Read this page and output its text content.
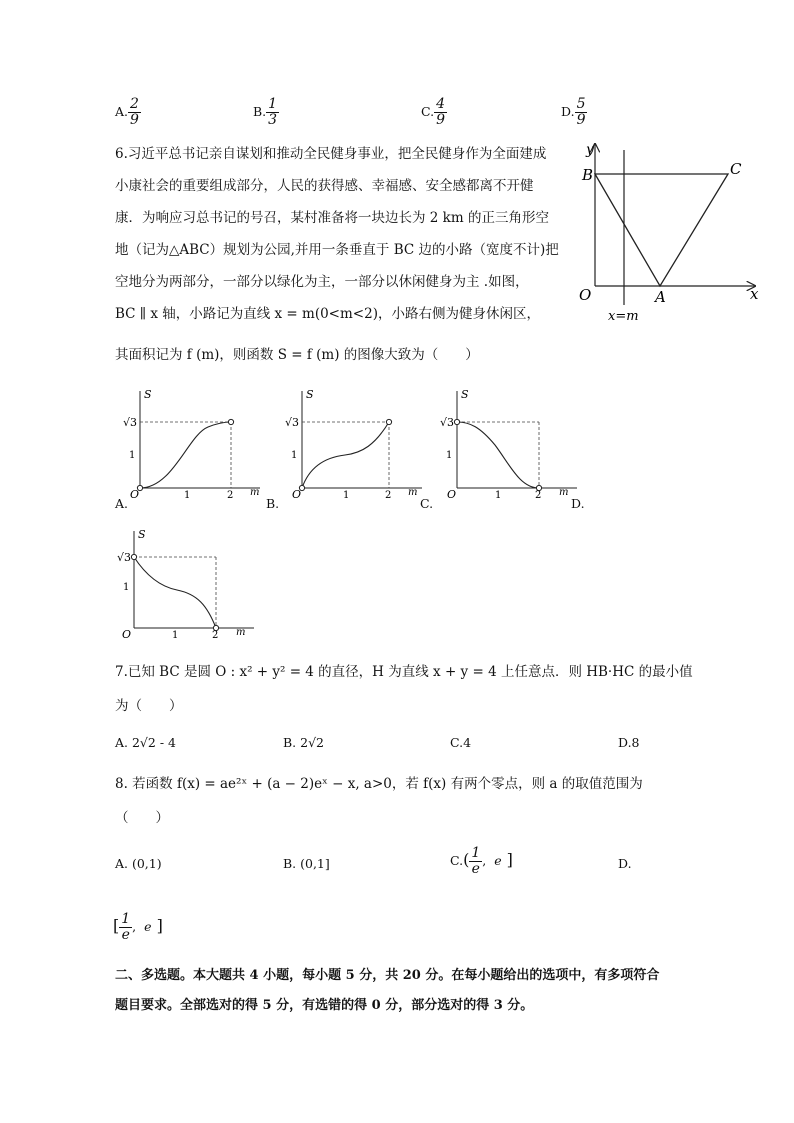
A. $\frac{2}{9}$	B. $\frac{1}{3}$	C. $\frac{4}{9}$	D. $\frac{5}{9}$
6.习近平总书记亲自谋划和推动全民健身事业，把全民健身作为全面建成
小康社会的重要组成部分，人民的获得感、幸福感、安全感都离不开健
康．为响应习总书记的号召，某村准备将一块边长为 2 km 的正三角形空
地（记为△ABC）规划为公园,并用一条垂直于 BC 边的小路（宽度不计)把
空地分为两部分，一部分以绿化为主，一部分以休闲健身为主 .如图，
BC ∥ x 轴，小路记为直线 x = m(0<m<2)，小路右侧为健身休闲区，
其面积记为 f (m)，则函数 S = f (m) 的图像大致为（　　）
y
x
B	C
O	A
x=m
S
√3
1
O	1	2 m
A.
S
√3
1
O	1	2 m
B.
S
√3
1
O	1	2 m
C.	D.
S
√3
1
O	1	2 m
7.已知 BC 是圆 O : x² + y² = 4 的直径，H 为直线 x + y = 4 上任意点．则 HB·HC 的最小值
为（　　）
A. 2√2 - 4	B. 2√2	C.4	D.8
8. 若函数 f(x) = ae²ˣ + (a − 2)eˣ − x, a>0，若 f(x) 有两个零点，则 a 的取值范围为
（　　）
A. (0,1)	B. (0,1]	$C.( \frac{1}{e}$ ,  e ]	D.
[ $\frac{1}{e}$ ,  e ]
二、多选题。本大题共 4 小题，每小题 5 分，共 20 分。在每小题给出的选项中，有多项符合
题目要求。全部选对的得 5 分，有选错的得 0 分，部分选对的得 3 分。
